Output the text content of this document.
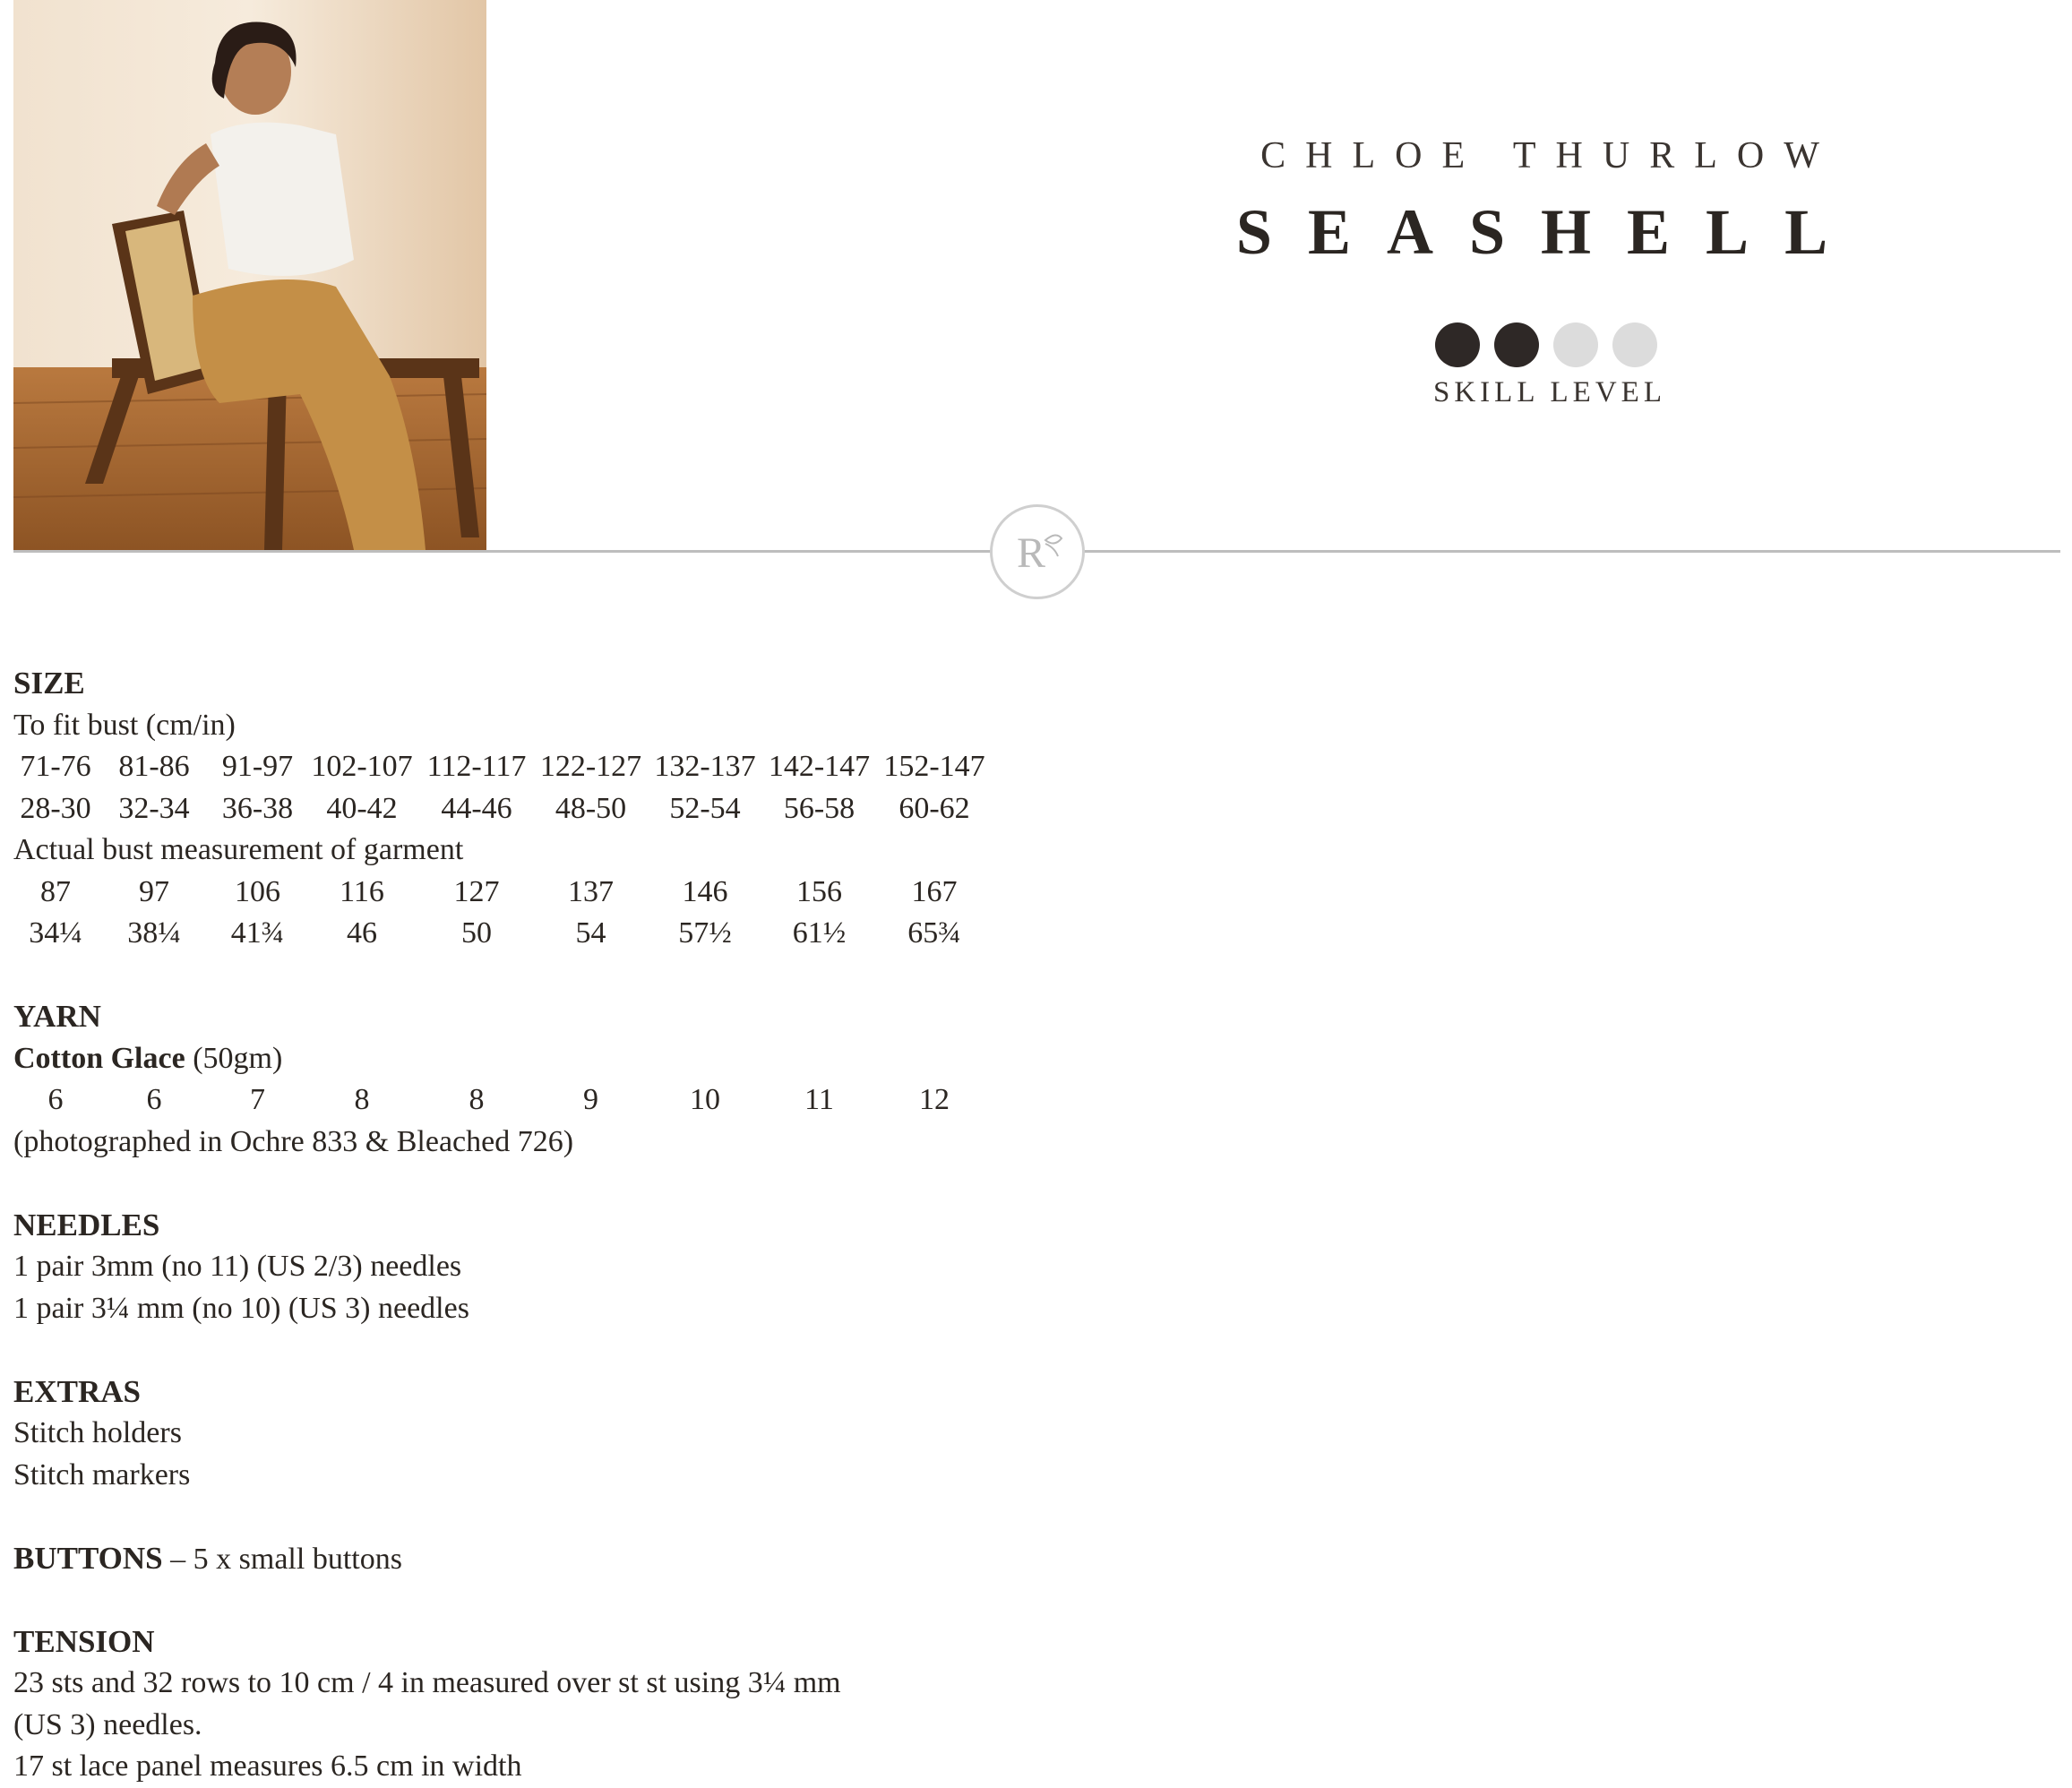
CHLOE THURLOW
SEASHELL
SKILL LEVEL
R
SIZE
To fit bust (cm/in)
71-76 81-86	91-97 102-107 112-117 122-127 132-137 142-147 152-147
28-30 32-34	36-38	40-42	44-46	48-50	52-54	56-58	60-62
Actual bust measurement of garment
87	97	106	116	127	137	146	156	167
34¼	38¼	41¾	46	50	54	57½	61½	65¾
YARN
Cotton Glace (50gm)
6	6	7	8	8	9	10	11	12
(photographed in Ochre 833 & Bleached 726)
NEEDLES
1 pair 3mm (no 11) (US 2/3) needles
1 pair 3¼ mm (no 10) (US 3) needles
EXTRAS
Stitch holders
Stitch markers
BUTTONS – 5 x small buttons
TENSION
23 sts and 32 rows to 10 cm / 4 in measured over st st using 3¼ mm
(US 3) needles.
17 st lace panel measures 6.5 cm in width
